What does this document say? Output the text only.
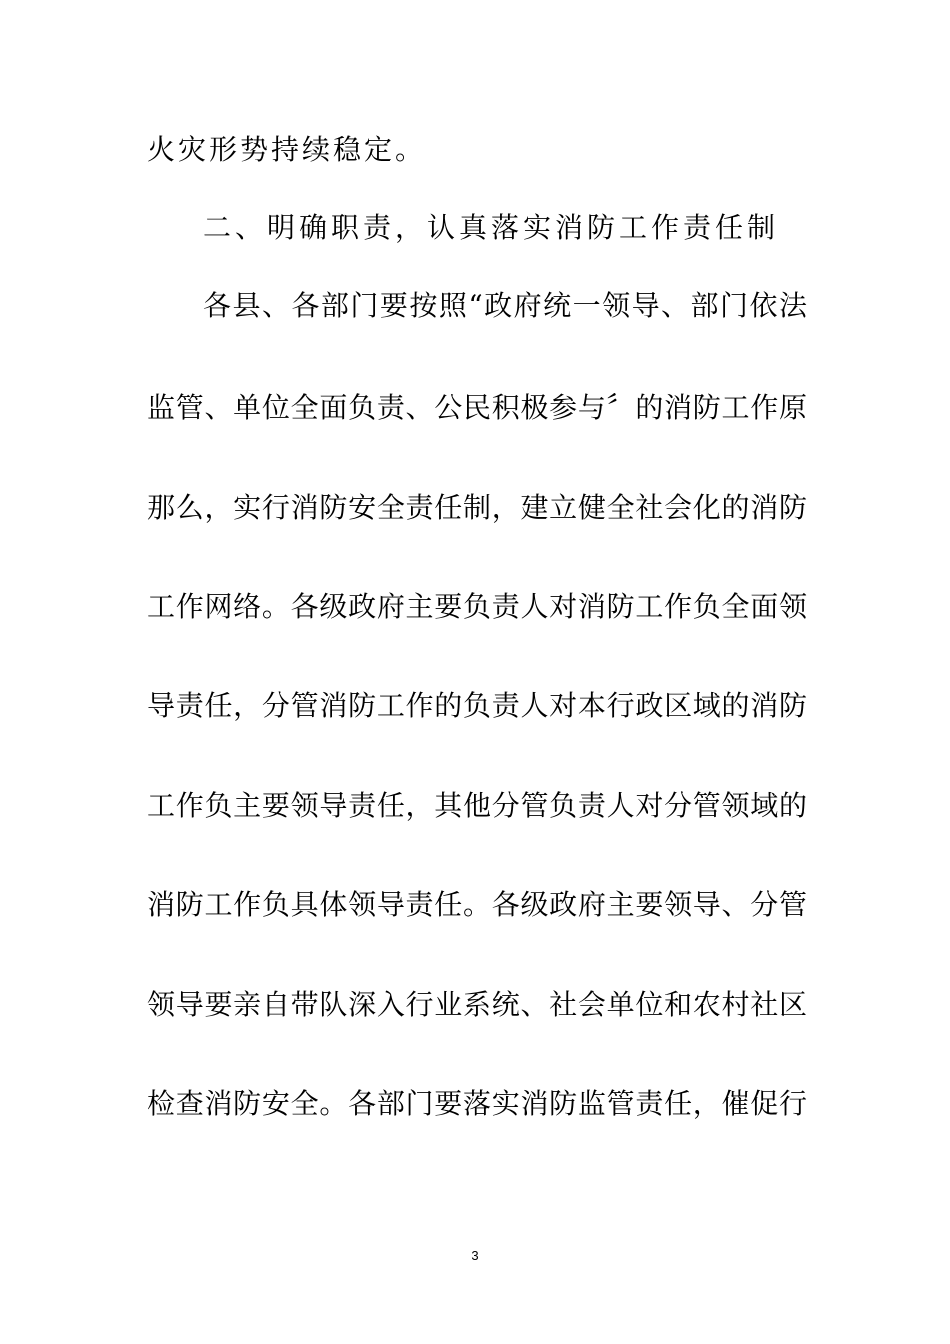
火灾形势持续稳定。
二、明确职责，认真落实消防工作责任制
各县、各部门要按照“政府统一领导、部门依法
监管、单位全面负责、公民积极参与〞的消防工作原
那么，实行消防安全责任制，建立健全社会化的消防
工作网络。各级政府主要负责人对消防工作负全面领
导责任，分管消防工作的负责人对本行政区域的消防
工作负主要领导责任，其他分管负责人对分管领域的
消防工作负具体领导责任。各级政府主要领导、分管
领导要亲自带队深入行业系统、社会单位和农村社区
检查消防安全。各部门要落实消防监管责任，催促行
3
